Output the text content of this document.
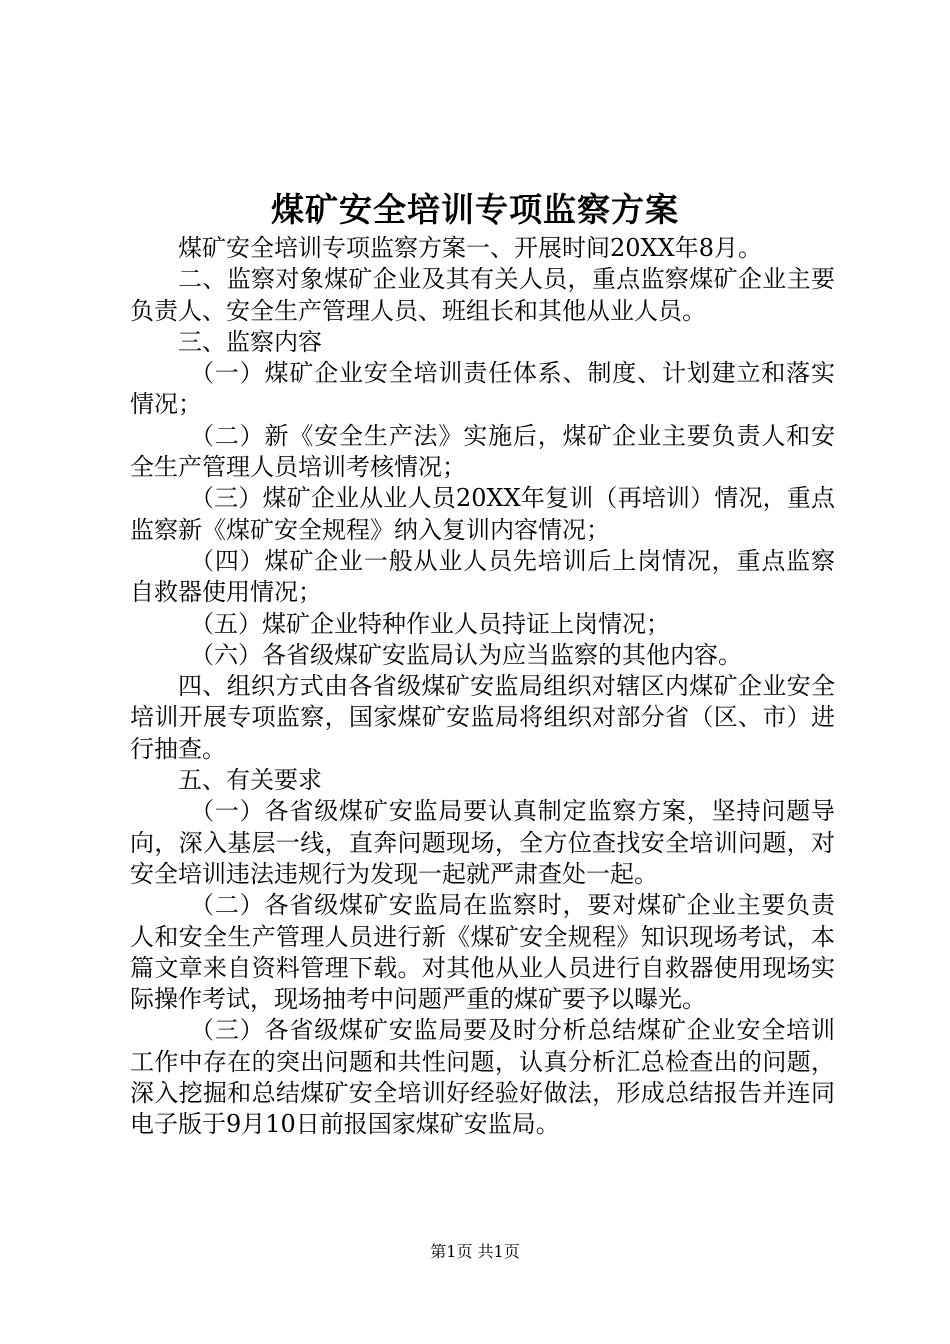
煤矿安全培训专项监察方案

煤矿安全培训专项监察方案一、开展时间20XX年8月。

二、监察对象煤矿企业及其有关人员，重点监察煤矿企业主要负责人、安全生产管理人员、班组长和其他从业人员。

三、监察内容

（一）煤矿企业安全培训责任体系、制度、计划建立和落实情况；

（二）新《安全生产法》实施后，煤矿企业主要负责人和安全生产管理人员培训考核情况；

（三）煤矿企业从业人员20XX年复训（再培训）情况，重点监察新《煤矿安全规程》纳入复训内容情况；

（四）煤矿企业一般从业人员先培训后上岗情况，重点监察自救器使用情况；

（五）煤矿企业特种作业人员持证上岗情况；

（六）各省级煤矿安监局认为应当监察的其他内容。

四、组织方式由各省级煤矿安监局组织对辖区内煤矿企业安全培训开展专项监察，国家煤矿安监局将组织对部分省（区、市）进行抽查。

五、有关要求

（一）各省级煤矿安监局要认真制定监察方案，坚持问题导向，深入基层一线，直奔问题现场，全方位查找安全培训问题，对安全培训违法违规行为发现一起就严肃查处一起。

（二）各省级煤矿安监局在监察时，要对煤矿企业主要负责人和安全生产管理人员进行新《煤矿安全规程》知识现场考试，本篇文章来自资料管理下载。对其他从业人员进行自救器使用现场实际操作考试，现场抽考中问题严重的煤矿要予以曝光。

（三）各省级煤矿安监局要及时分析总结煤矿企业安全培训工作中存在的突出问题和共性问题，认真分析汇总检查出的问题，深入挖掘和总结煤矿安全培训好经验好做法，形成总结报告并连同电子版于9月10日前报国家煤矿安监局。

第1页 共1页
